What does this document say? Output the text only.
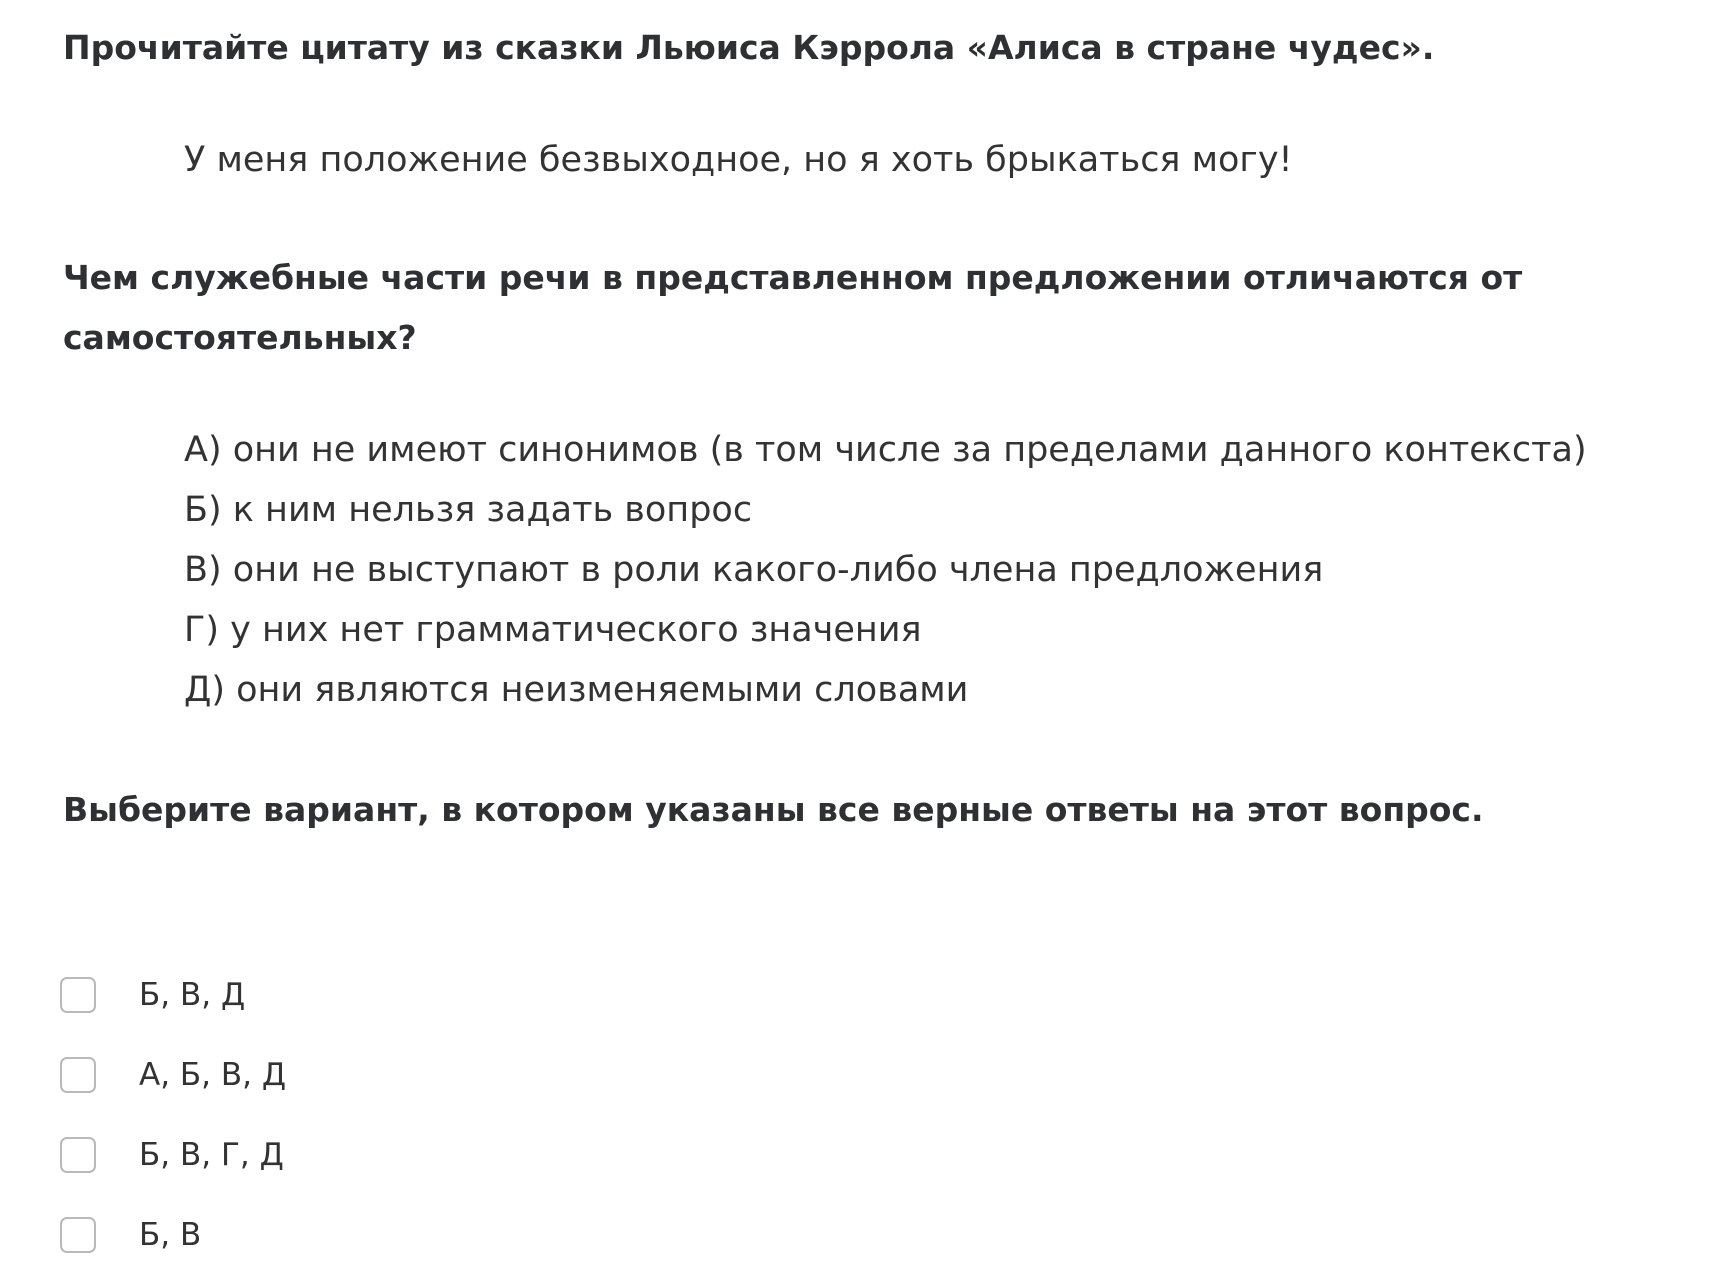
Прочитайте цитату из сказки Льюиса Кэррола «Алиса в стране чудес».
У меня положение безвыходное, но я хоть брыкаться могу!
Чем служебные части речи в представленном предложении отличаются от
самостоятельных?
А) они не имеют синонимов (в том числе за пределами данного контекста)
Б) к ним нельзя задать вопрос
В) они не выступают в роли какого-либо члена предложения
Г) у них нет грамматического значения
Д) они являются неизменяемыми словами
Выберите вариант, в котором указаны все верные ответы на этот вопрос.
Б, В, Д
А, Б, В, Д
Б, В, Г, Д
Б, В
